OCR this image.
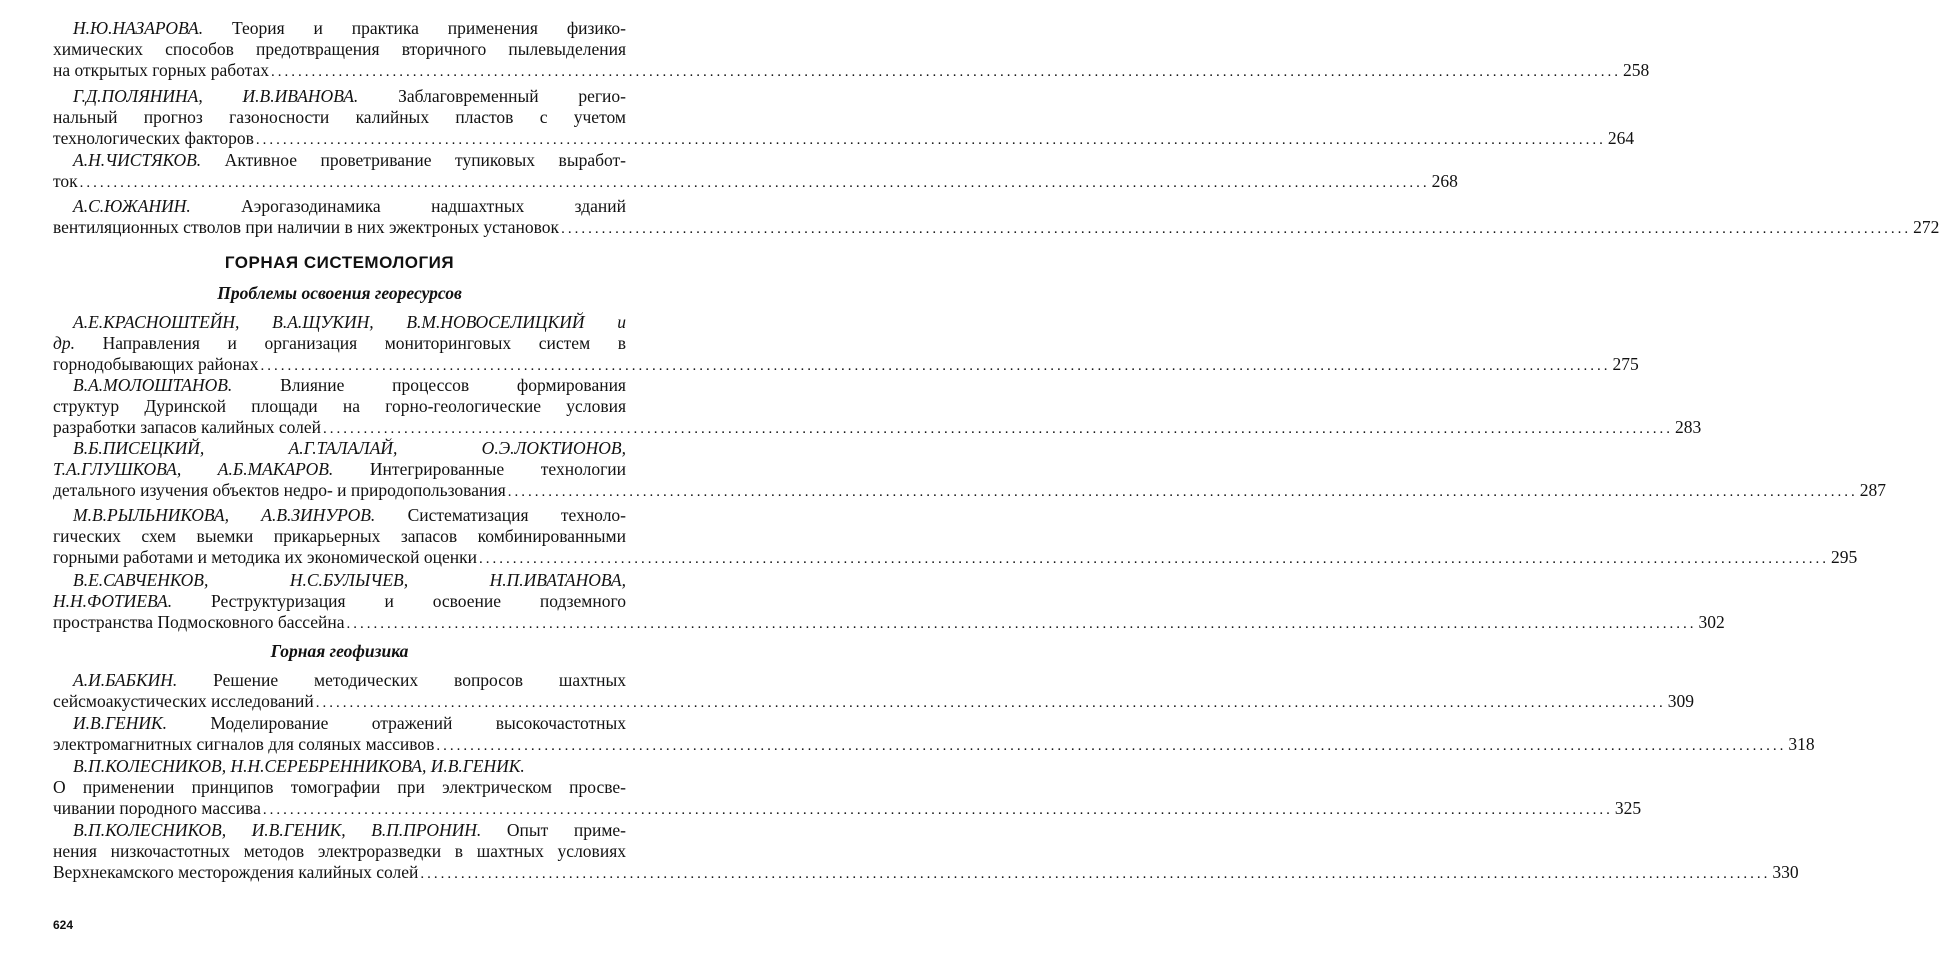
Н.Ю.НАЗАРОВА. Теория и практика применения физико-
химических способов предотвращения вторичного пылевыделения
на открытых горных работах ........................................................................................................................................................................................................ 258
Г.Д.ПОЛЯНИНА, И.В.ИВАНОВА. Заблаговременный регио-
нальный прогноз газоносности калийных пластов с учетом
технологических факторов ........................................................................................................................................................................................................ 264
А.Н.ЧИСТЯКОВ. Активное проветривание тупиковых выработ-
ток ........................................................................................................................................................................................................ 268
А.С.ЮЖАНИН. Аэрогазодинамика надшахтных зданий
вентиляционных стволов при наличии в них эжектроных установок ........................................................................................................................................................................................................ 272
ГОРНАЯ СИСТЕМОЛОГИЯ
Проблемы освоения георесурсов
А.Е.КРАСНОШТЕЙН, В.А.ЩУКИН, В.М.НОВОСЕЛИЦКИЙ и
др. Направления и организация мониторинговых систем в
горнодобывающих районах ........................................................................................................................................................................................................ 275
В.А.МОЛОШТАНОВ. Влияние процессов формирования
структур Дуринской площади на горно-геологические условия
разработки запасов калийных солей ........................................................................................................................................................................................................ 283
В.Б.ПИСЕЦКИЙ, А.Г.ТАЛАЛАЙ, О.Э.ЛОКТИОНОВ,
Т.А.ГЛУШКОВА, А.Б.МАКАРОВ. Интегрированные технологии
детального изучения объектов недро- и природопользования ........................................................................................................................................................................................................ 287
М.В.РЫЛЬНИКОВА, А.В.ЗИНУРОВ. Систематизация техноло-
гических схем выемки прикарьерных запасов комбинированными
горными работами и методика их экономической оценки ........................................................................................................................................................................................................ 295
В.Е.САВЧЕНКОВ, Н.С.БУЛЫЧЕВ, Н.П.ИВАТАНОВА,
Н.Н.ФОТИЕВА. Реструктуризация и освоение подземного
пространства Подмосковного бассейна ........................................................................................................................................................................................................ 302
Горная геофизика
А.И.БАБКИН. Решение методических вопросов шахтных
сейсмоакустических исследований ........................................................................................................................................................................................................ 309
И.В.ГЕНИК. Моделирование отражений высокочастотных
электромагнитных сигналов для соляных массивов ........................................................................................................................................................................................................ 318
В.П.КОЛЕСНИКОВ, Н.Н.СЕРЕБРЕННИКОВА, И.В.ГЕНИК.
О применении принципов томографии при электрическом просве-
чивании породного массива ........................................................................................................................................................................................................ 325
В.П.КОЛЕСНИКОВ, И.В.ГЕНИК, В.П.ПРОНИН. Опыт приме-
нения низкочастотных методов электроразведки в шахтных условиях
Верхнекамского месторождения калийных солей ........................................................................................................................................................................................................ 330
624
